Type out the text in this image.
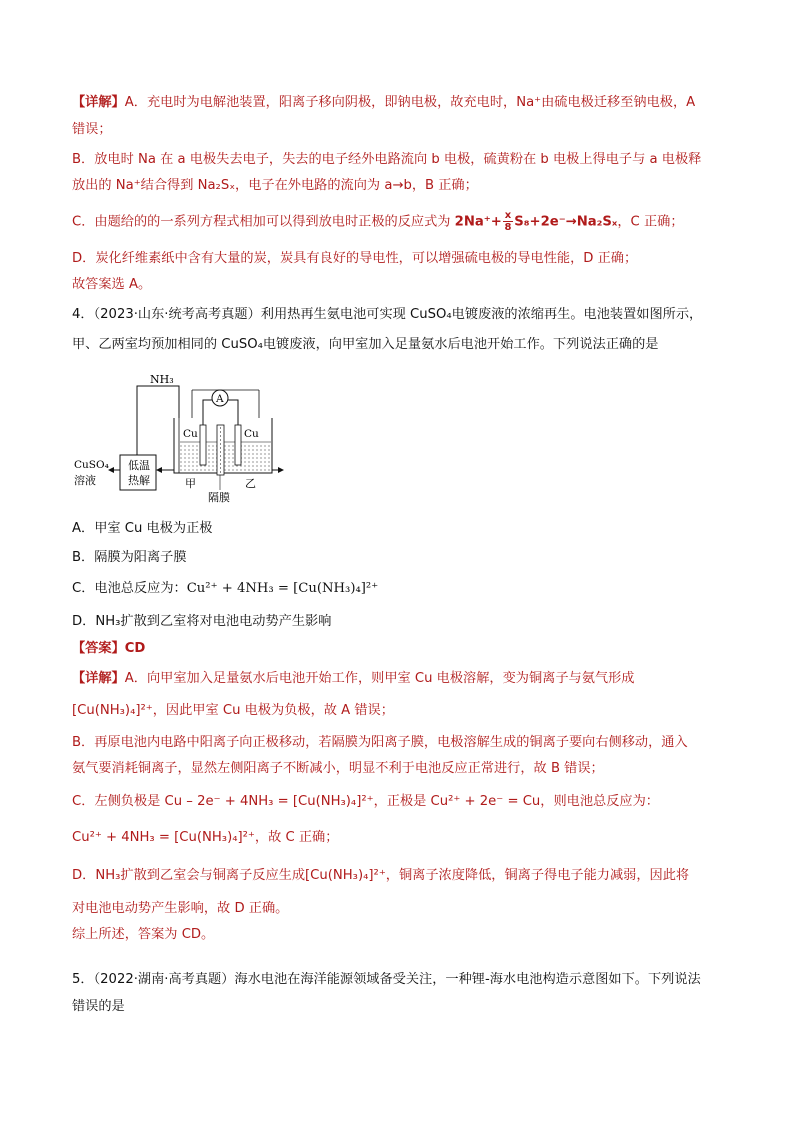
【详解】A．充电时为电解池装置，阳离子移向阴极，即钠电极，故充电时，Na⁺由硫电极迁移至钠电极，A
错误；
B．放电时 Na 在 a 电极失去电子，失去的电子经外电路流向 b 电极，硫黄粉在 b 电极上得电子与 a 电极释
放出的 Na⁺结合得到 Na₂Sₓ，电子在外电路的流向为 a→b，B 正确；
C．由题给的的一系列方程式相加可以得到放电时正极的反应式为 $2Na^++ \frac{x}{8} S_8+2e^-\to Na_2S_x$，C 正确；
D．炭化纤维素纸中含有大量的炭，炭具有良好的导电性，可以增强硫电极的导电性能，D 正确；
故答案选 A。
4．（2023·山东·统考高考真题）利用热再生氨电池可实现 CuSO₄电镀废液的浓缩再生。电池装置如图所示，
甲、乙两室均预加相同的 CuSO₄电镀废液，向甲室加入足量氨水后电池开始工作。下列说法正确的是
NH₃
Cu	Cu
A
低温
热解
CuSO₄
溶液	甲	乙
隔膜
A．甲室 Cu 电极为正极
B．隔膜为阳离子膜
C．电池总反应为：Cu²⁺ + 4NH₃ = [Cu(NH₃)₄]²⁺
D．NH₃扩散到乙室将对电池电动势产生影响
【答案】CD
【详解】A．向甲室加入足量氨水后电池开始工作，则甲室 Cu 电极溶解，变为铜离子与氨气形成
[Cu(NH₃)₄]²⁺，因此甲室 Cu 电极为负极，故 A 错误；
B．再原电池内电路中阳离子向正极移动，若隔膜为阳离子膜，电极溶解生成的铜离子要向右侧移动，通入
氨气要消耗铜离子，显然左侧阳离子不断减小，明显不利于电池反应正常进行，故 B 错误；
C．左侧负极是 Cu – 2e⁻ + 4NH₃ = [Cu(NH₃)₄]²⁺，正极是 Cu²⁺ + 2e⁻ = Cu，则电池总反应为：
Cu²⁺ + 4NH₃ = [Cu(NH₃)₄]²⁺，故 C 正确；
D．NH₃扩散到乙室会与铜离子反应生成[Cu(NH₃)₄]²⁺，铜离子浓度降低，铜离子得电子能力减弱，因此将
对电池电动势产生影响，故 D 正确。
综上所述，答案为 CD。
5．（2022·湖南·高考真题）海水电池在海洋能源领域备受关注，一种锂-海水电池构造示意图如下。下列说法
错误的是
